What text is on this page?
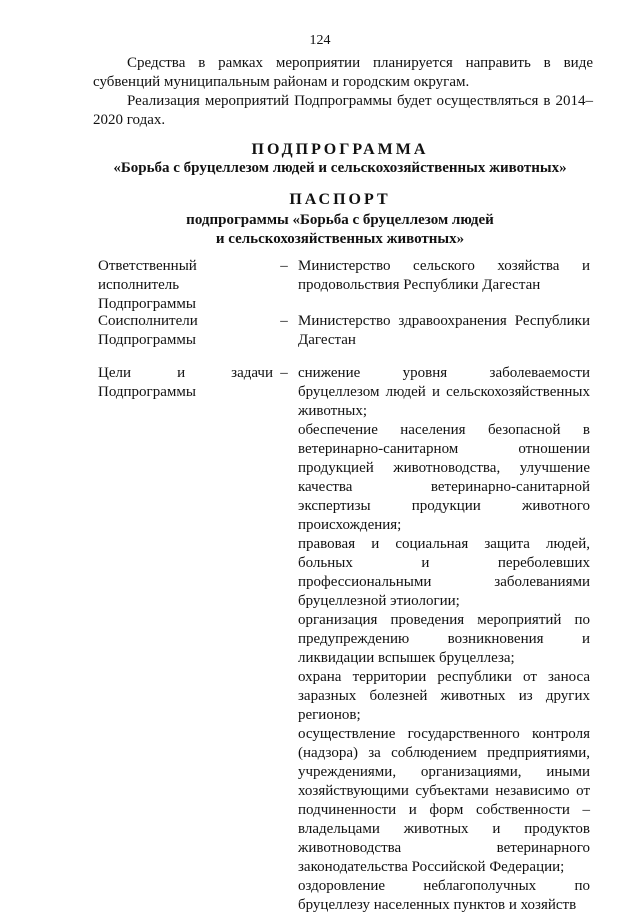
124

Средства в рамках мероприятии планируется направить в виде субвенций муниципальным районам и городским округам.

Реализация мероприятий Подпрограммы будет осуществляться в 2014–2020 годах.

ПОДПРОГРАММА
«Борьба с бруцеллезом людей и сельскохозяйственных животных»
ПАСПОРТ
подпрограммы «Борьба с бруцеллезом людей
и сельскохозяйственных животных»
Ответственный исполнитель Подпрограммы
– Министерство сельского хозяйства и продовольствия Республики Дагестан

Соисполнители Подпрограммы
– Министерство здравоохранения Республики Дагестан

Цели и задачи Подпрограммы
– снижение уровня заболеваемости бруцеллезом людей и сельскохозяйственных животных;

обеспечение населения безопасной в ветеринарно-санитарном отношении продукцией животноводства, улучшение качества ветеринарно-санитарной экспертизы продукции животного происхождения;

правовая и социальная защита людей, больных и переболевших профессиональными заболеваниями бруцеллезной этиологии;

организация проведения мероприятий по предупреждению возникновения и ликвидации вспышек бруцеллеза;

охрана территории республики от заноса заразных болезней животных из других регионов;

осуществление государственного контроля (надзора) за соблюдением предприятиями, учреждениями, организациями, иными хозяйствующими субъектами независимо от подчиненности и форм собственности – владельцами животных и продуктов животноводства ветеринарного законодательства Российской Федерации;

оздоровление неблагополучных по бруцеллезу населенных пунктов и хозяйств
